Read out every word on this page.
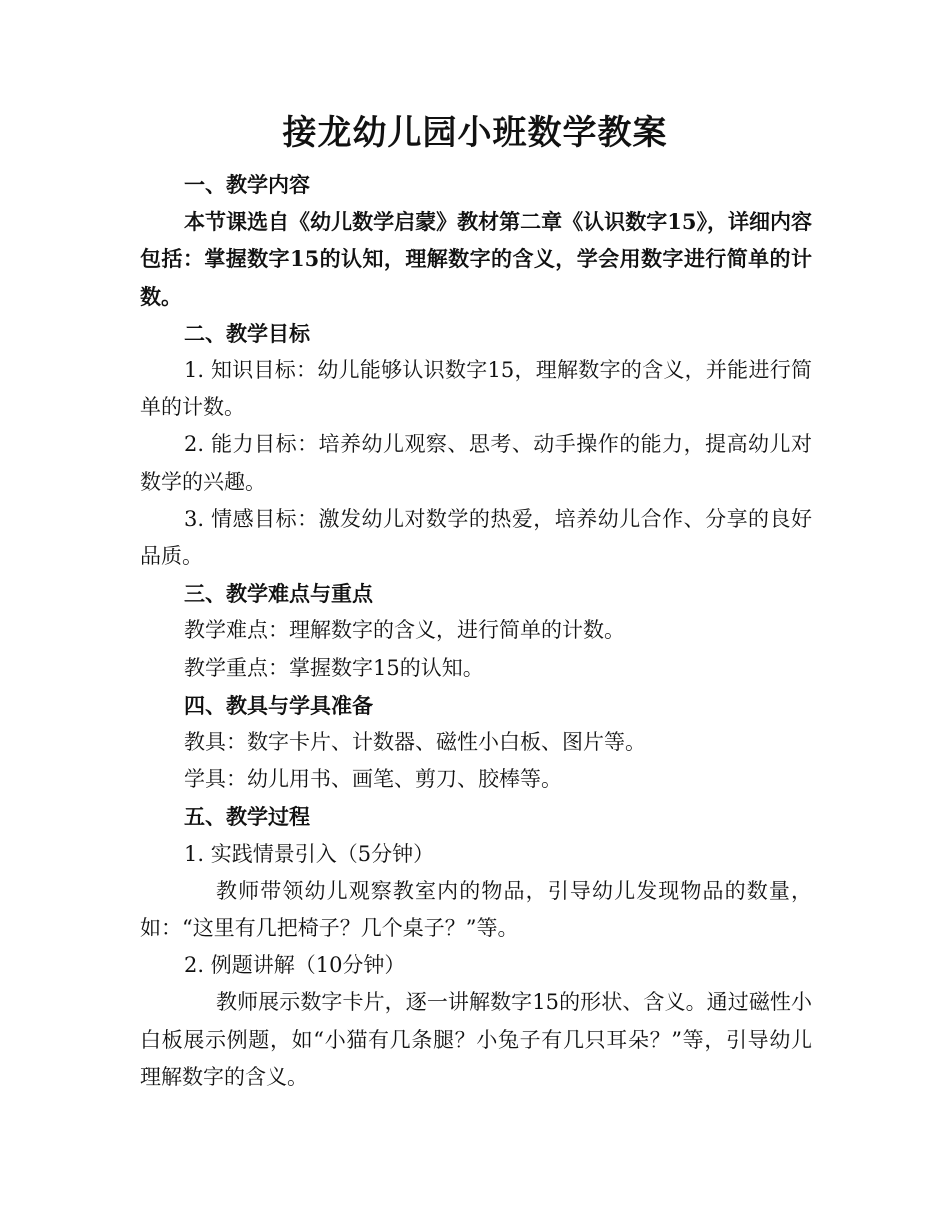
接龙幼儿园小班数学教案

一、教学内容

本节课选自《幼儿数学启蒙》教材第二章《认识数字15》，详细内容包括：掌握数字15的认知，理解数字的含义，学会用数字进行简单的计数。

二、教学目标

1. 知识目标：幼儿能够认识数字15，理解数字的含义，并能进行简单的计数。

2. 能力目标：培养幼儿观察、思考、动手操作的能力，提高幼儿对数学的兴趣。

3. 情感目标：激发幼儿对数学的热爱，培养幼儿合作、分享的良好品质。

三、教学难点与重点

教学难点：理解数字的含义，进行简单的计数。

教学重点：掌握数字15的认知。

四、教具与学具准备

教具：数字卡片、计数器、磁性小白板、图片等。

学具：幼儿用书、画笔、剪刀、胶棒等。

五、教学过程

1. 实践情景引入（5分钟）

教师带领幼儿观察教室内的物品，引导幼儿发现物品的数量，如：“这里有几把椅子？几个桌子？”等。

2. 例题讲解（10分钟）

教师展示数字卡片，逐一讲解数字15的形状、含义。通过磁性小白板展示例题，如“小猫有几条腿？小兔子有几只耳朵？”等，引导幼儿理解数字的含义。
